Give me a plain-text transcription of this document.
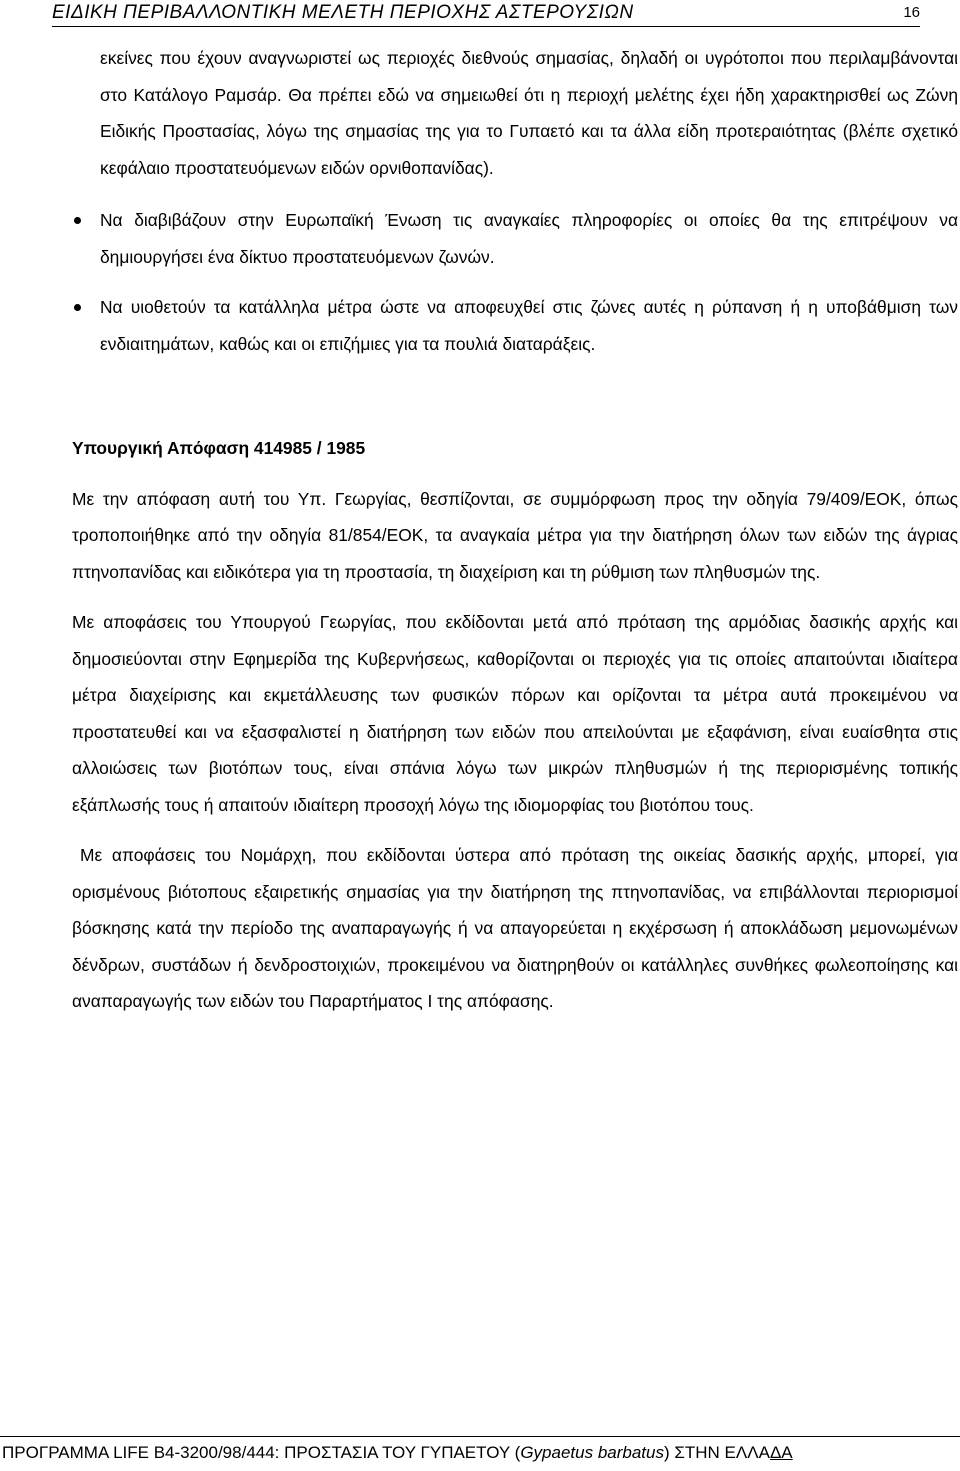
ΕΙΔΙΚΗ ΠΕΡΙΒΑΛΛΟΝΤΙΚΗ ΜΕΛΕΤΗ ΠΕΡΙΟΧΗΣ ΑΣΤΕΡΟΥΣΙΩΝ	16

εκείνες που έχουν αναγνωριστεί ως περιοχές διεθνούς σημασίας, δηλαδή οι υγρότοποι που περιλαμβάνονται στο Κατάλογο Ραμσάρ. Θα πρέπει εδώ να σημειωθεί ότι η περιοχή μελέτης έχει ήδη χαρακτηρισθεί ως Ζώνη Ειδικής Προστασίας, λόγω της σημασίας της για το Γυπαετό και τα άλλα είδη προτεραιότητας (βλέπε σχετικό κεφάλαιο προστατευόμενων ειδών ορνιθοπανίδας).

Να διαβιβάζουν στην Ευρωπαϊκή Ένωση τις αναγκαίες πληροφορίες οι οποίες θα της επιτρέψουν να δημιουργήσει ένα δίκτυο προστατευόμενων ζωνών.
Να υιοθετούν τα κατάλληλα μέτρα ώστε να αποφευχθεί στις ζώνες αυτές η ρύπανση ή η υποβάθμιση των ενδιαιτημάτων, καθώς και οι επιζήμιες για τα πουλιά διαταράξεις.

Υπουργική Απόφαση 414985 / 1985

Με την απόφαση αυτή του Υπ. Γεωργίας, θεσπίζονται, σε συμμόρφωση προς την οδηγία 79/409/ΕΟΚ, όπως τροποποιήθηκε από την οδηγία 81/854/ΕΟΚ, τα αναγκαία μέτρα για την διατήρηση όλων των ειδών της άγριας πτηνοπανίδας και ειδικότερα για τη προστασία, τη διαχείριση και τη ρύθμιση των πληθυσμών της.

Με αποφάσεις του Υπουργού Γεωργίας, που εκδίδονται μετά από πρόταση της αρμόδιας δασικής αρχής και δημοσιεύονται στην Εφημερίδα της Κυβερνήσεως, καθορίζονται οι περιοχές για τις οποίες απαιτούνται ιδιαίτερα μέτρα διαχείρισης και εκμετάλλευσης των φυσικών πόρων και ορίζονται τα μέτρα αυτά προκειμένου να προστατευθεί και να εξασφαλιστεί η διατήρηση των ειδών που απειλούνται με εξαφάνιση, είναι ευαίσθητα στις αλλοιώσεις των βιοτόπων τους, είναι σπάνια λόγω των μικρών πληθυσμών ή της περιορισμένης τοπικής εξάπλωσής τους ή απαιτούν ιδιαίτερη προσοχή λόγω της ιδιομορφίας του βιοτόπου τους.

Με αποφάσεις του Νομάρχη, που εκδίδονται ύστερα από πρόταση της οικείας δασικής αρχής, μπορεί, για ορισμένους βιότοπους εξαιρετικής σημασίας για την διατήρηση της πτηνοπανίδας, να επιβάλλονται περιορισμοί βόσκησης κατά την περίοδο της αναπαραγωγής ή να απαγορεύεται η εκχέρσωση ή αποκλάδωση μεμονωμένων δένδρων, συστάδων ή δενδροστοιχιών, προκειμένου να διατηρηθούν οι κατάλληλες συνθήκες φωλεοποίησης και αναπαραγωγής των ειδών του Παραρτήματος Ι της απόφασης.

ΠΡΟΓΡΑΜΜΑ LIFE B4-3200/98/444: ΠΡΟΣΤΑΣΙΑ ΤΟΥ ΓΥΠΑΕΤΟΥ (Gypaetus barbatus) ΣΤΗΝ ΕΛΛΑΔΑ
